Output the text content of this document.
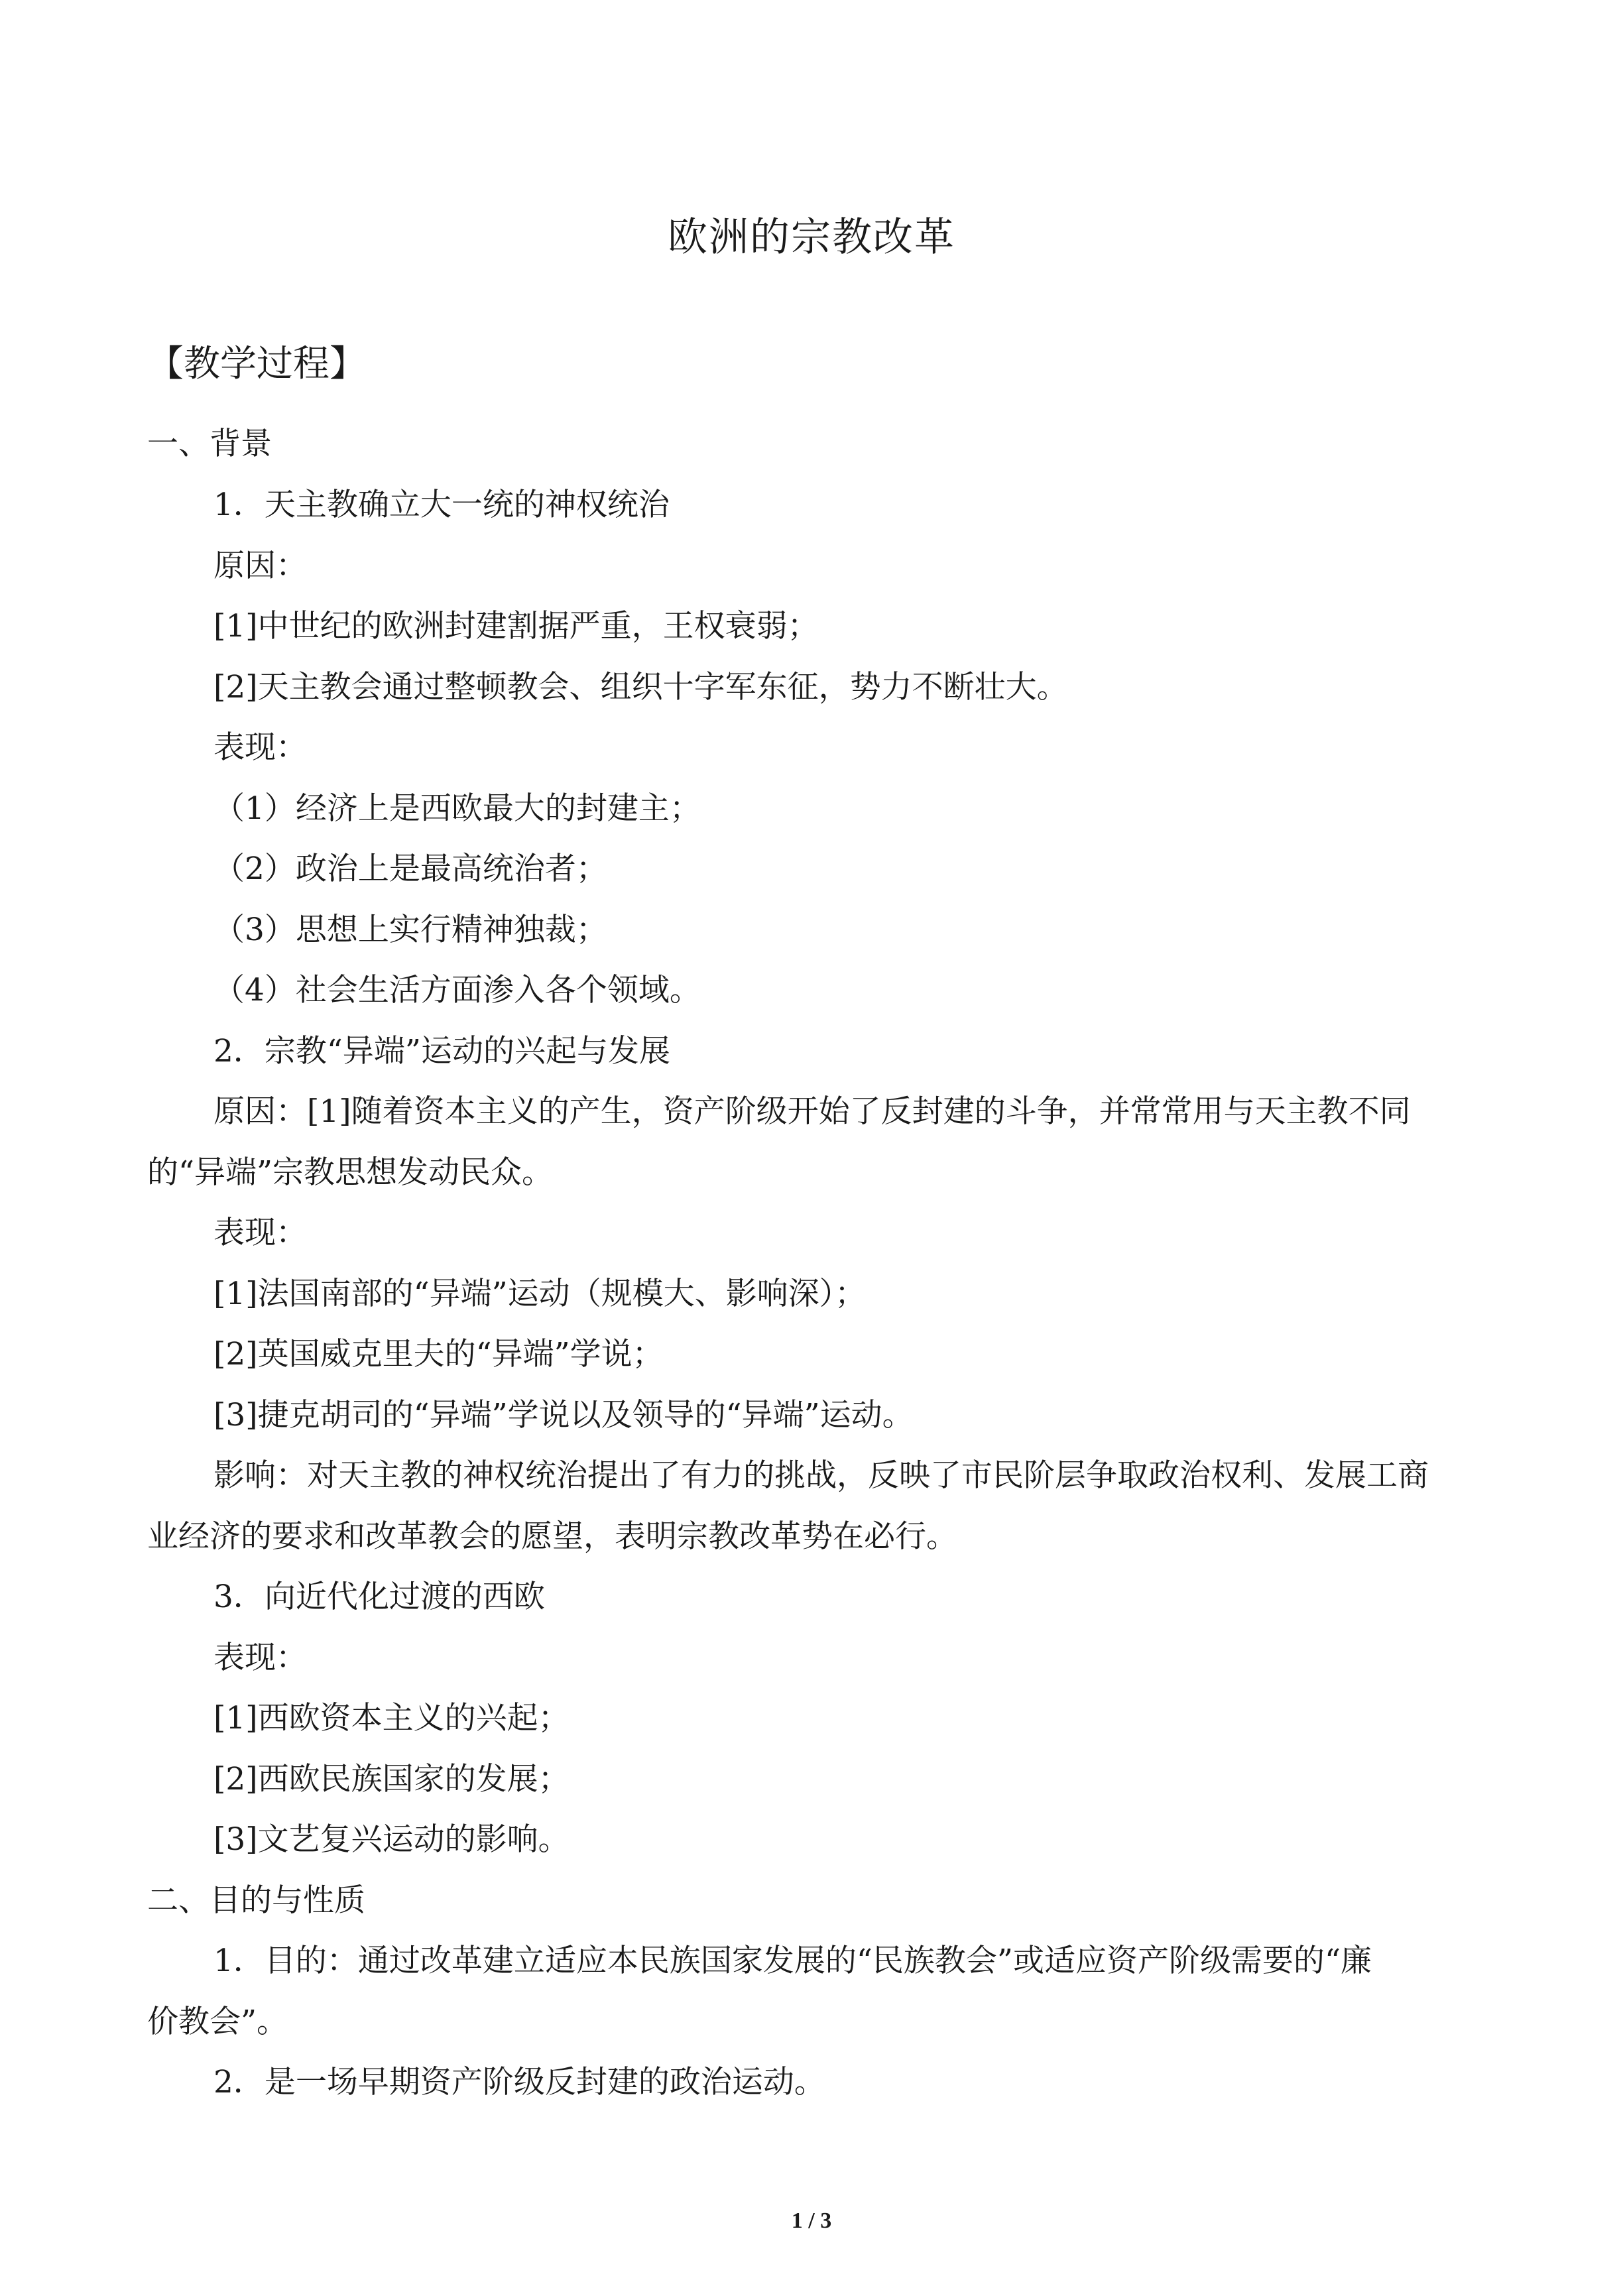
欧洲的宗教改革
【教学过程】
一、背景
1．天主教确立大一统的神权统治
原因：
[1]中世纪的欧洲封建割据严重，王权衰弱；
[2]天主教会通过整顿教会、组织十字军东征，势力不断壮大。
表现：
（1）经济上是西欧最大的封建主；
（2）政治上是最高统治者；
（3）思想上实行精神独裁；
（4）社会生活方面渗入各个领域。
2．宗教“异端”运动的兴起与发展
原因：[1]随着资本主义的产生，资产阶级开始了反封建的斗争，并常常用与天主教不同
的“异端”宗教思想发动民众。
表现：
[1]法国南部的“异端”运动（规模大、影响深）；
[2]英国威克里夫的“异端”学说；
[3]捷克胡司的“异端”学说以及领导的“异端”运动。
影响：对天主教的神权统治提出了有力的挑战，反映了市民阶层争取政治权利、发展工商
业经济的要求和改革教会的愿望，表明宗教改革势在必行。
3．向近代化过渡的西欧
表现：
[1]西欧资本主义的兴起；
[2]西欧民族国家的发展；
[3]文艺复兴运动的影响。
二、目的与性质
1．目的：通过改革建立适应本民族国家发展的“民族教会”或适应资产阶级需要的“廉
价教会”。
2．是一场早期资产阶级反封建的政治运动。
1 / 3
